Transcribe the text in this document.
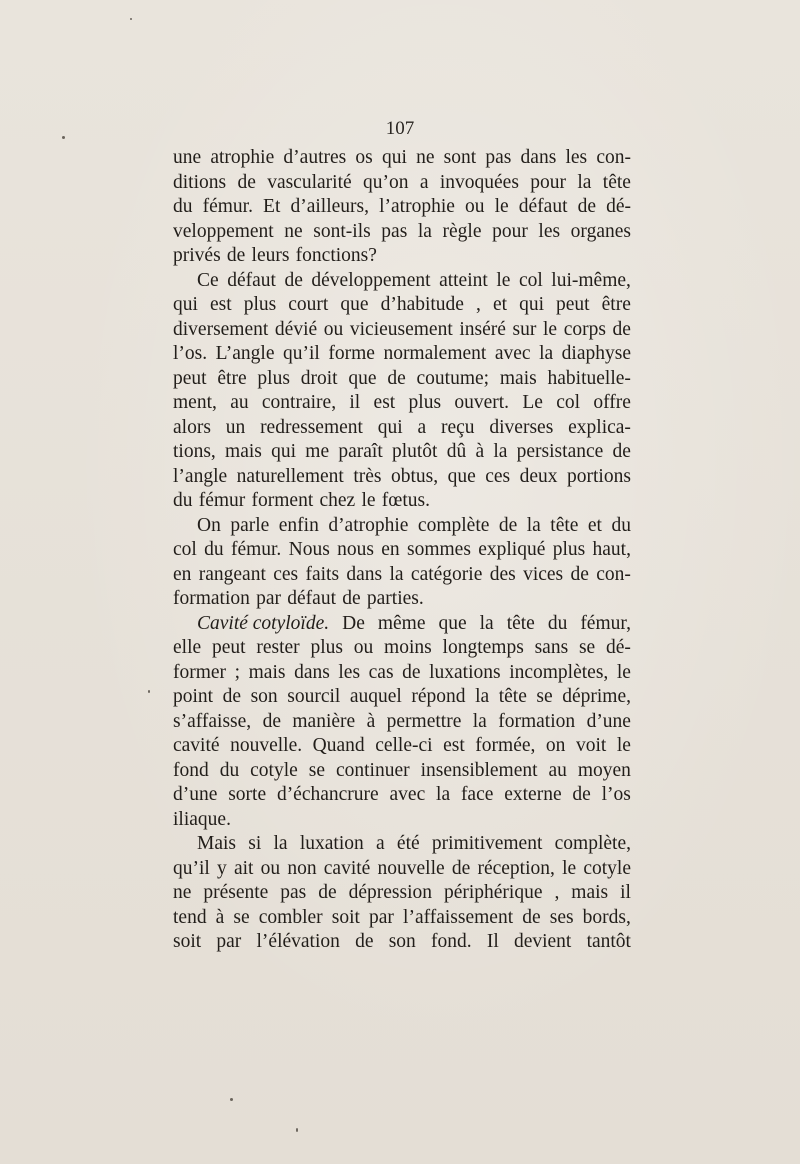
107
une atrophie d’autres os qui ne sont pas dans les con-
ditions de vascularité qu’on a invoquées pour la tête
du fémur. Et d’ailleurs, l’atrophie ou le défaut de dé-
veloppement ne sont-ils pas la règle pour les organes
privés de leurs fonctions?
Ce défaut de développement atteint le col lui-même,
qui est plus court que d’habitude , et qui peut être
diversement dévié ou vicieusement inséré sur le corps de
l’os. L’angle qu’il forme normalement avec la diaphyse
peut être plus droit que de coutume; mais habituelle-
ment, au contraire, il est plus ouvert. Le col offre
alors un redressement qui a reçu diverses explica-
tions, mais qui me paraît plutôt dû à la persistance de
l’angle naturellement très obtus, que ces deux portions
du fémur forment chez le fœtus.
On parle enfin d’atrophie complète de la tête et du
col du fémur. Nous nous en sommes expliqué plus haut,
en rangeant ces faits dans la catégorie des vices de con-
formation par défaut de parties.
Cavité cotyloïde. De même que la tête du fémur,
elle peut rester plus ou moins longtemps sans se dé-
former ; mais dans les cas de luxations incomplètes, le
point de son sourcil auquel répond la tête se déprime,
s’affaisse, de manière à permettre la formation d’une
cavité nouvelle. Quand celle-ci est formée, on voit le
fond du cotyle se continuer insensiblement au moyen
d’une sorte d’échancrure avec la face externe de l’os
iliaque.
Mais si la luxation a été primitivement complète,
qu’il y ait ou non cavité nouvelle de réception, le cotyle
ne présente pas de dépression périphérique , mais il
tend à se combler soit par l’affaissement de ses bords,
soit par l’élévation de son fond. Il devient tantôt
